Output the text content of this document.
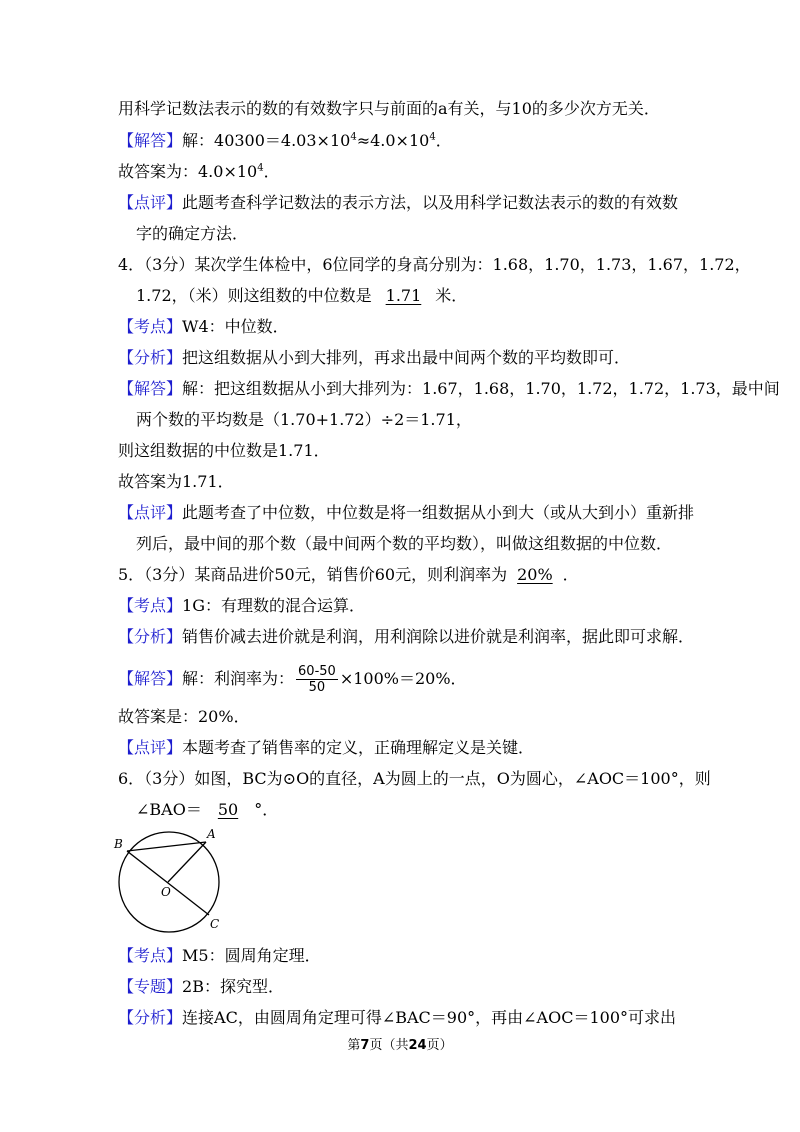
用科学记数法表示的数的有效数字只与前面的a有关，与10的多少次方无关．
【解答】解：$40300=4.03\times 10^4\approx 4.0\times 10^4$．
故答案为：$4.0\times 10^4$．
【点评】此题考查科学记数法的表示方法，以及用科学记数法表示的数的有效数
字的确定方法．
4．（3分）某次学生体检中，6位同学的身高分别为：1.68，1.70，1.73，1.67，1.72，
1.72，（米）则这组数的中位数是 1.71 米．
【考点】W4：中位数．
【分析】把这组数据从小到大排列，再求出最中间两个数的平均数即可．
【解答】解：把这组数据从小到大排列为：1.67，1.68，1.70，1.72，1.72，1.73，最中间
两个数的平均数是（1.70+1.72）÷2＝1.71，
则这组数据的中位数是1.71．
故答案为1.71．
【点评】此题考查了中位数，中位数是将一组数据从小到大（或从大到小）重新排
列后，最中间的那个数（最中间两个数的平均数），叫做这组数据的中位数．
5．（3分）某商品进价50元，销售价60元，则利润率为 20% ．
【考点】1G：有理数的混合运算．
【分析】销售价减去进价就是利润，用利润除以进价就是利润率，据此即可求解．
【解答】解：利润率为： $\frac{60-50}{50} \times 100\%=20\%$．
故答案是：20%．
【点评】本题考查了销售率的定义，正确理解定义是关键．
6．（3分）如图，BC为⊙O的直径，A为圆上的一点，O为圆心，∠AOC＝100°，则
∠BAO＝ 50 °．
A
B
O
C
【考点】M5：圆周角定理．
【专题】2B：探究型．
【分析】连接AC，由圆周角定理可得∠BAC＝90°，再由∠AOC＝100°可求出
第7页（共24页）
